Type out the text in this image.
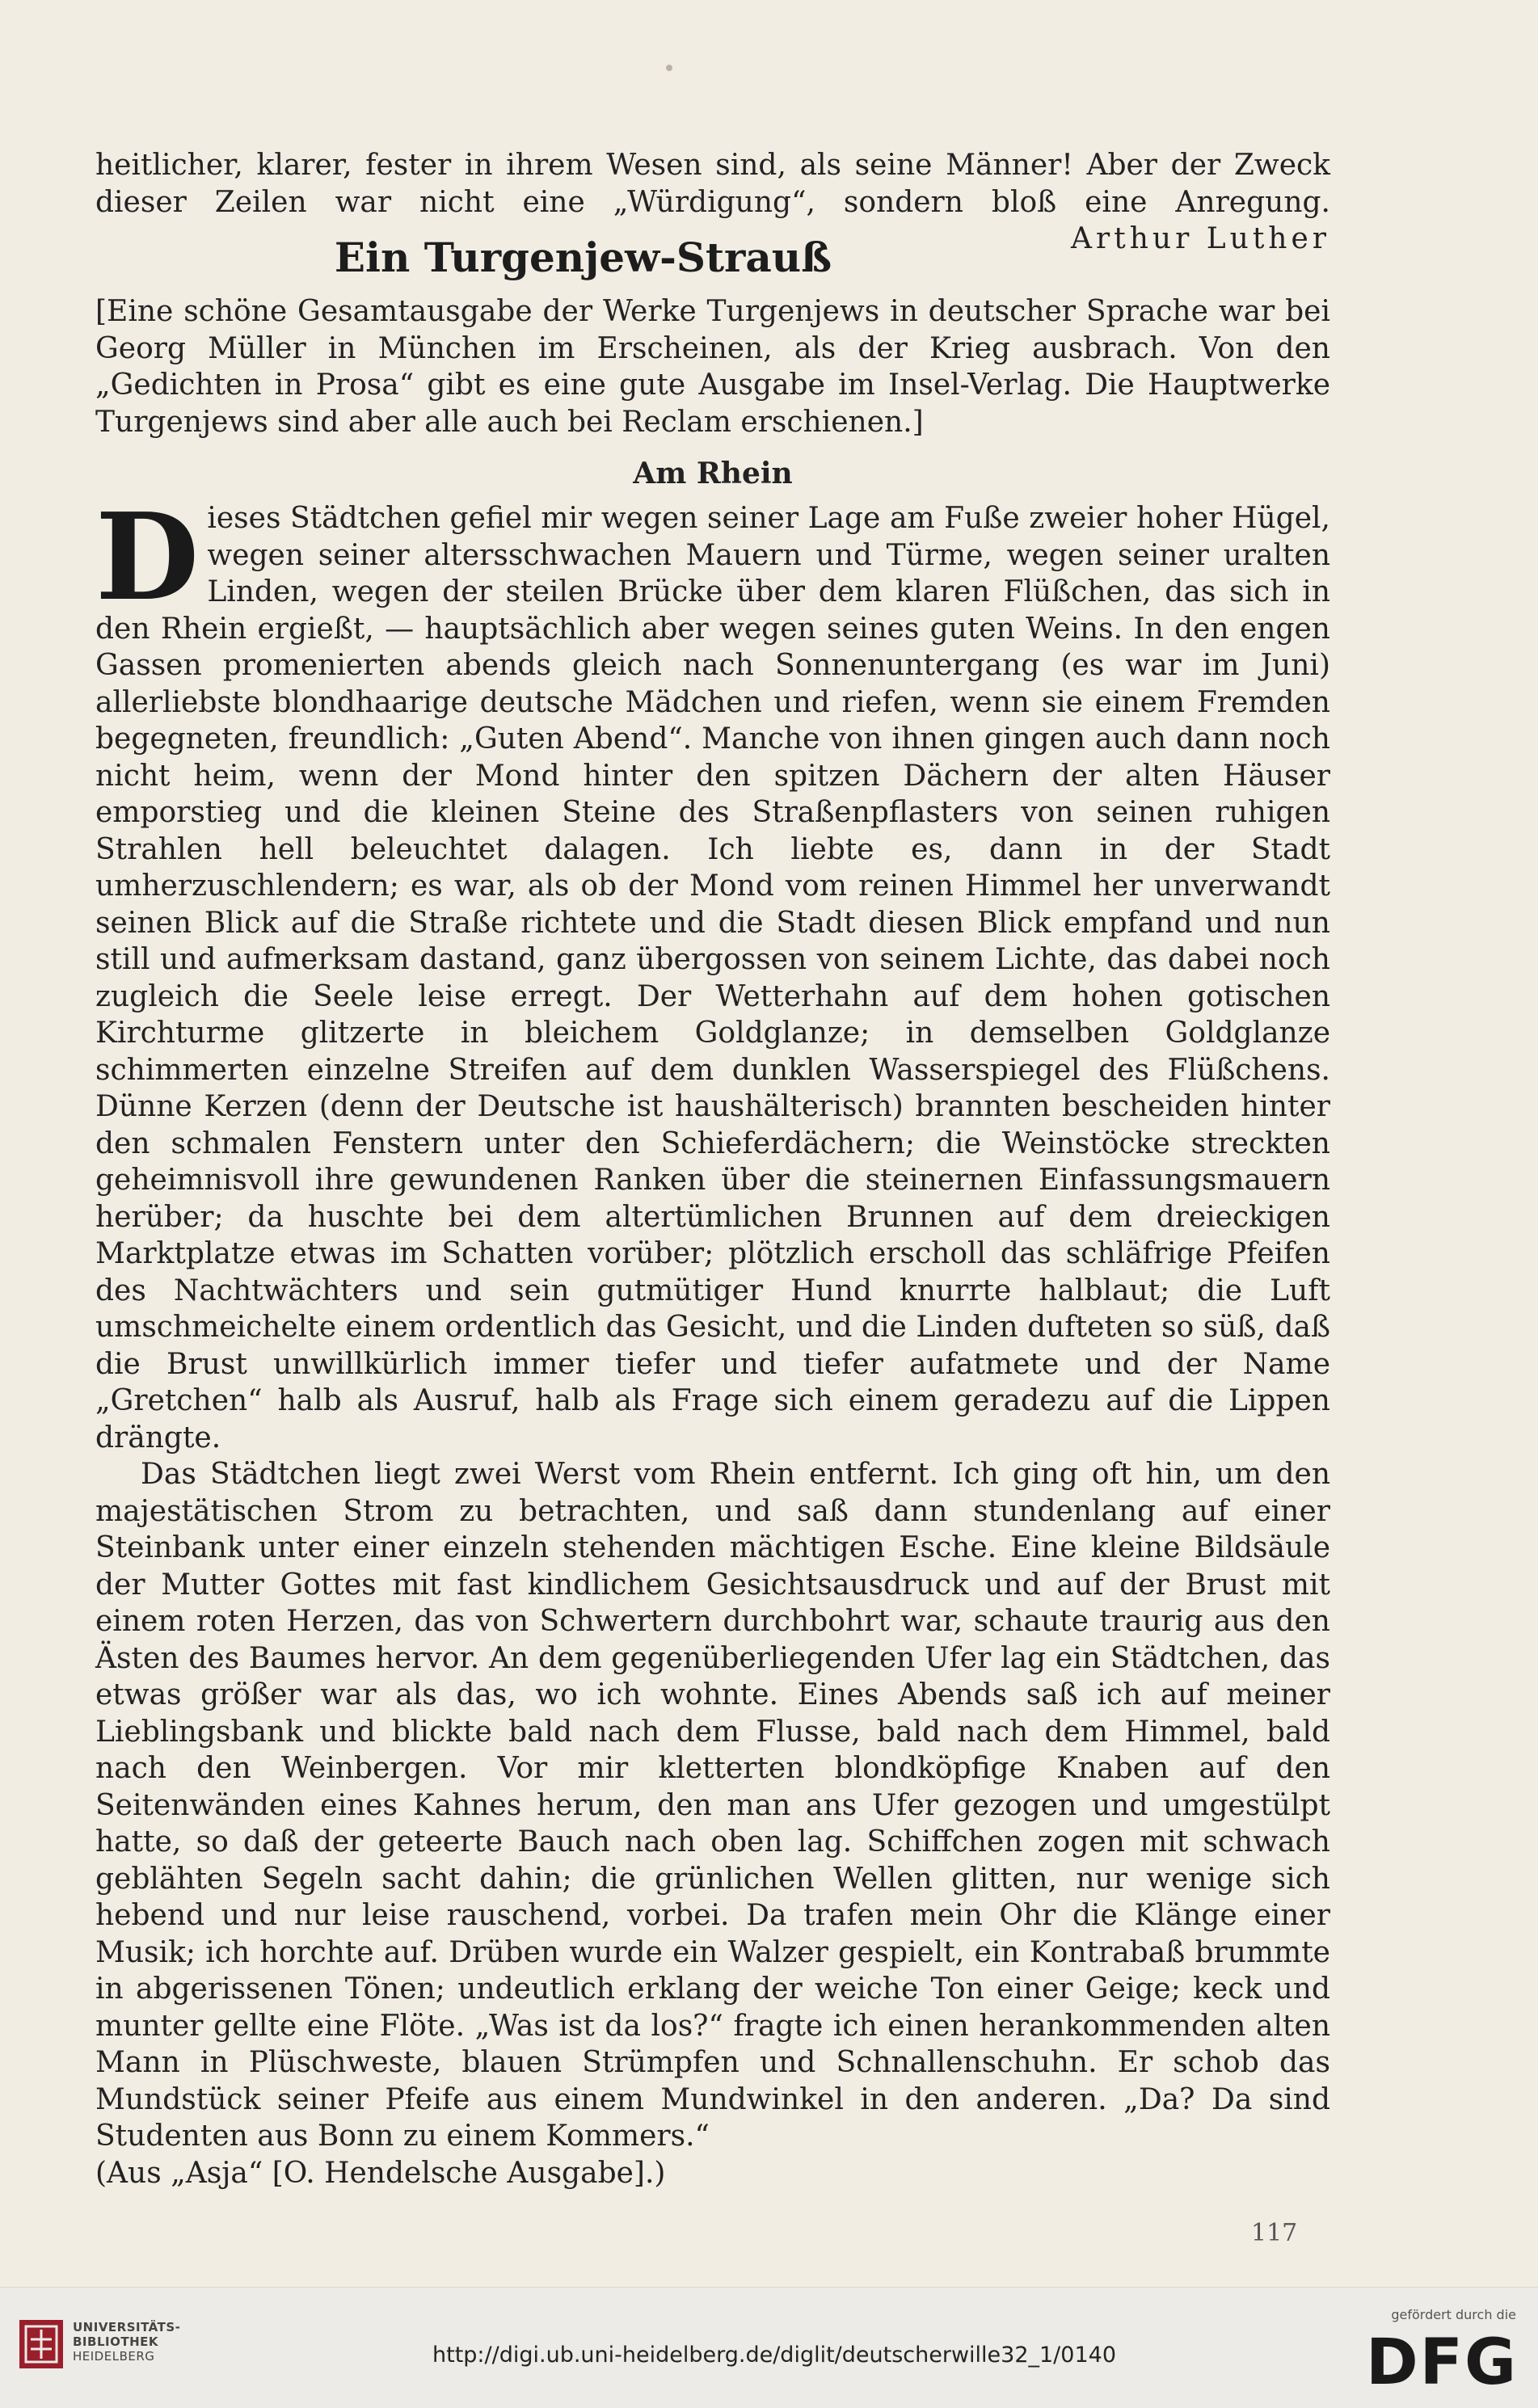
heitlicher, klarer, fester in ihrem Wesen sind, als seine Männer! Aber der Zweck dieser Zeilen war nicht eine „Würdigung“, sondern bloß eine Anregung.
Arthur Luther

Ein Turgenjew-Strauß

[Eine schöne Gesamtausgabe der Werke Turgenjews in deutscher Sprache war bei Georg Müller in München im Erscheinen, als der Krieg ausbrach. Von den „Gedichten in Prosa“ gibt es eine gute Ausgabe im Insel-Verlag. Die Hauptwerke Turgenjews sind aber alle auch bei Reclam erschienen.]

Am Rhein

D ieses Städtchen gefiel mir wegen seiner Lage am Fuße zweier hoher Hügel, wegen seiner altersschwachen Mauern und Türme, wegen seiner uralten Linden, wegen der steilen Brücke über dem klaren Flüßchen, das sich in den Rhein ergießt, — hauptsächlich aber wegen seines guten Weins. In den engen Gassen promenierten abends gleich nach Sonnenuntergang (es war im Juni) allerliebste blondhaarige deutsche Mädchen und riefen, wenn sie einem Fremden begegneten, freundlich: „Guten Abend“. Manche von ihnen gingen auch dann noch nicht heim, wenn der Mond hinter den spitzen Dächern der alten Häuser emporstieg und die kleinen Steine des Straßenpflasters von seinen ruhigen Strahlen hell beleuchtet dalagen. Ich liebte es, dann in der Stadt umherzuschlendern; es war, als ob der Mond vom reinen Himmel her unverwandt seinen Blick auf die Straße richtete und die Stadt diesen Blick empfand und nun still und aufmerksam dastand, ganz übergossen von seinem Lichte, das dabei noch zugleich die Seele leise erregt. Der Wetterhahn auf dem hohen gotischen Kirchturme glitzerte in bleichem Goldglanze; in demselben Goldglanze schimmerten einzelne Streifen auf dem dunklen Wasserspiegel des Flüßchens. Dünne Kerzen (denn der Deutsche ist haushälterisch) brannten bescheiden hinter den schmalen Fenstern unter den Schieferdächern; die Weinstöcke streckten geheimnisvoll ihre gewundenen Ranken über die steinernen Einfassungsmauern herüber; da huschte bei dem altertümlichen Brunnen auf dem dreieckigen Marktplatze etwas im Schatten vorüber; plötzlich erscholl das schläfrige Pfeifen des Nachtwächters und sein gutmütiger Hund knurrte halblaut; die Luft umschmeichelte einem ordentlich das Gesicht, und die Linden dufteten so süß, daß die Brust unwillkürlich immer tiefer und tiefer aufatmete und der Name „Gretchen“ halb als Ausruf, halb als Frage sich einem geradezu auf die Lippen drängte.

Das Städtchen liegt zwei Werst vom Rhein entfernt. Ich ging oft hin, um den majestätischen Strom zu betrachten, und saß dann stundenlang auf einer Steinbank unter einer einzeln stehenden mächtigen Esche. Eine kleine Bildsäule der Mutter Gottes mit fast kindlichem Gesichtsausdruck und auf der Brust mit einem roten Herzen, das von Schwertern durchbohrt war, schaute traurig aus den Ästen des Baumes hervor. An dem gegenüberliegenden Ufer lag ein Städtchen, das etwas größer war als das, wo ich wohnte. Eines Abends saß ich auf meiner Lieblingsbank und blickte bald nach dem Flusse, bald nach dem Himmel, bald nach den Weinbergen. Vor mir kletterten blondköpfige Knaben auf den Seitenwänden eines Kahnes herum, den man ans Ufer gezogen und umgestülpt hatte, so daß der geteerte Bauch nach oben lag. Schiffchen zogen mit schwach geblähten Segeln sacht dahin; die grünlichen Wellen glitten, nur wenige sich hebend und nur leise rauschend, vorbei. Da trafen mein Ohr die Klänge einer Musik; ich horchte auf. Drüben wurde ein Walzer gespielt, ein Kontrabaß brummte in abgerissenen Tönen; undeutlich erklang der weiche Ton einer Geige; keck und munter gellte eine Flöte. „Was ist da los?“ fragte ich einen herankommenden alten Mann in Plüschweste, blauen Strümpfen und Schnallenschuhn. Er schob das Mundstück seiner Pfeife aus einem Mundwinkel in den anderen. „Da? Da sind Studenten aus Bonn zu einem Kommers.“

(Aus „Asja“ [O. Hendelsche Ausgabe].)

117
UNIVERSITÄTS-
BIBLIOTHEK
HEIDELBERG	http://digi.ub.uni-heidelberg.de/diglit/deutscherwille32_1/0140
gefördert durch die
DFG
